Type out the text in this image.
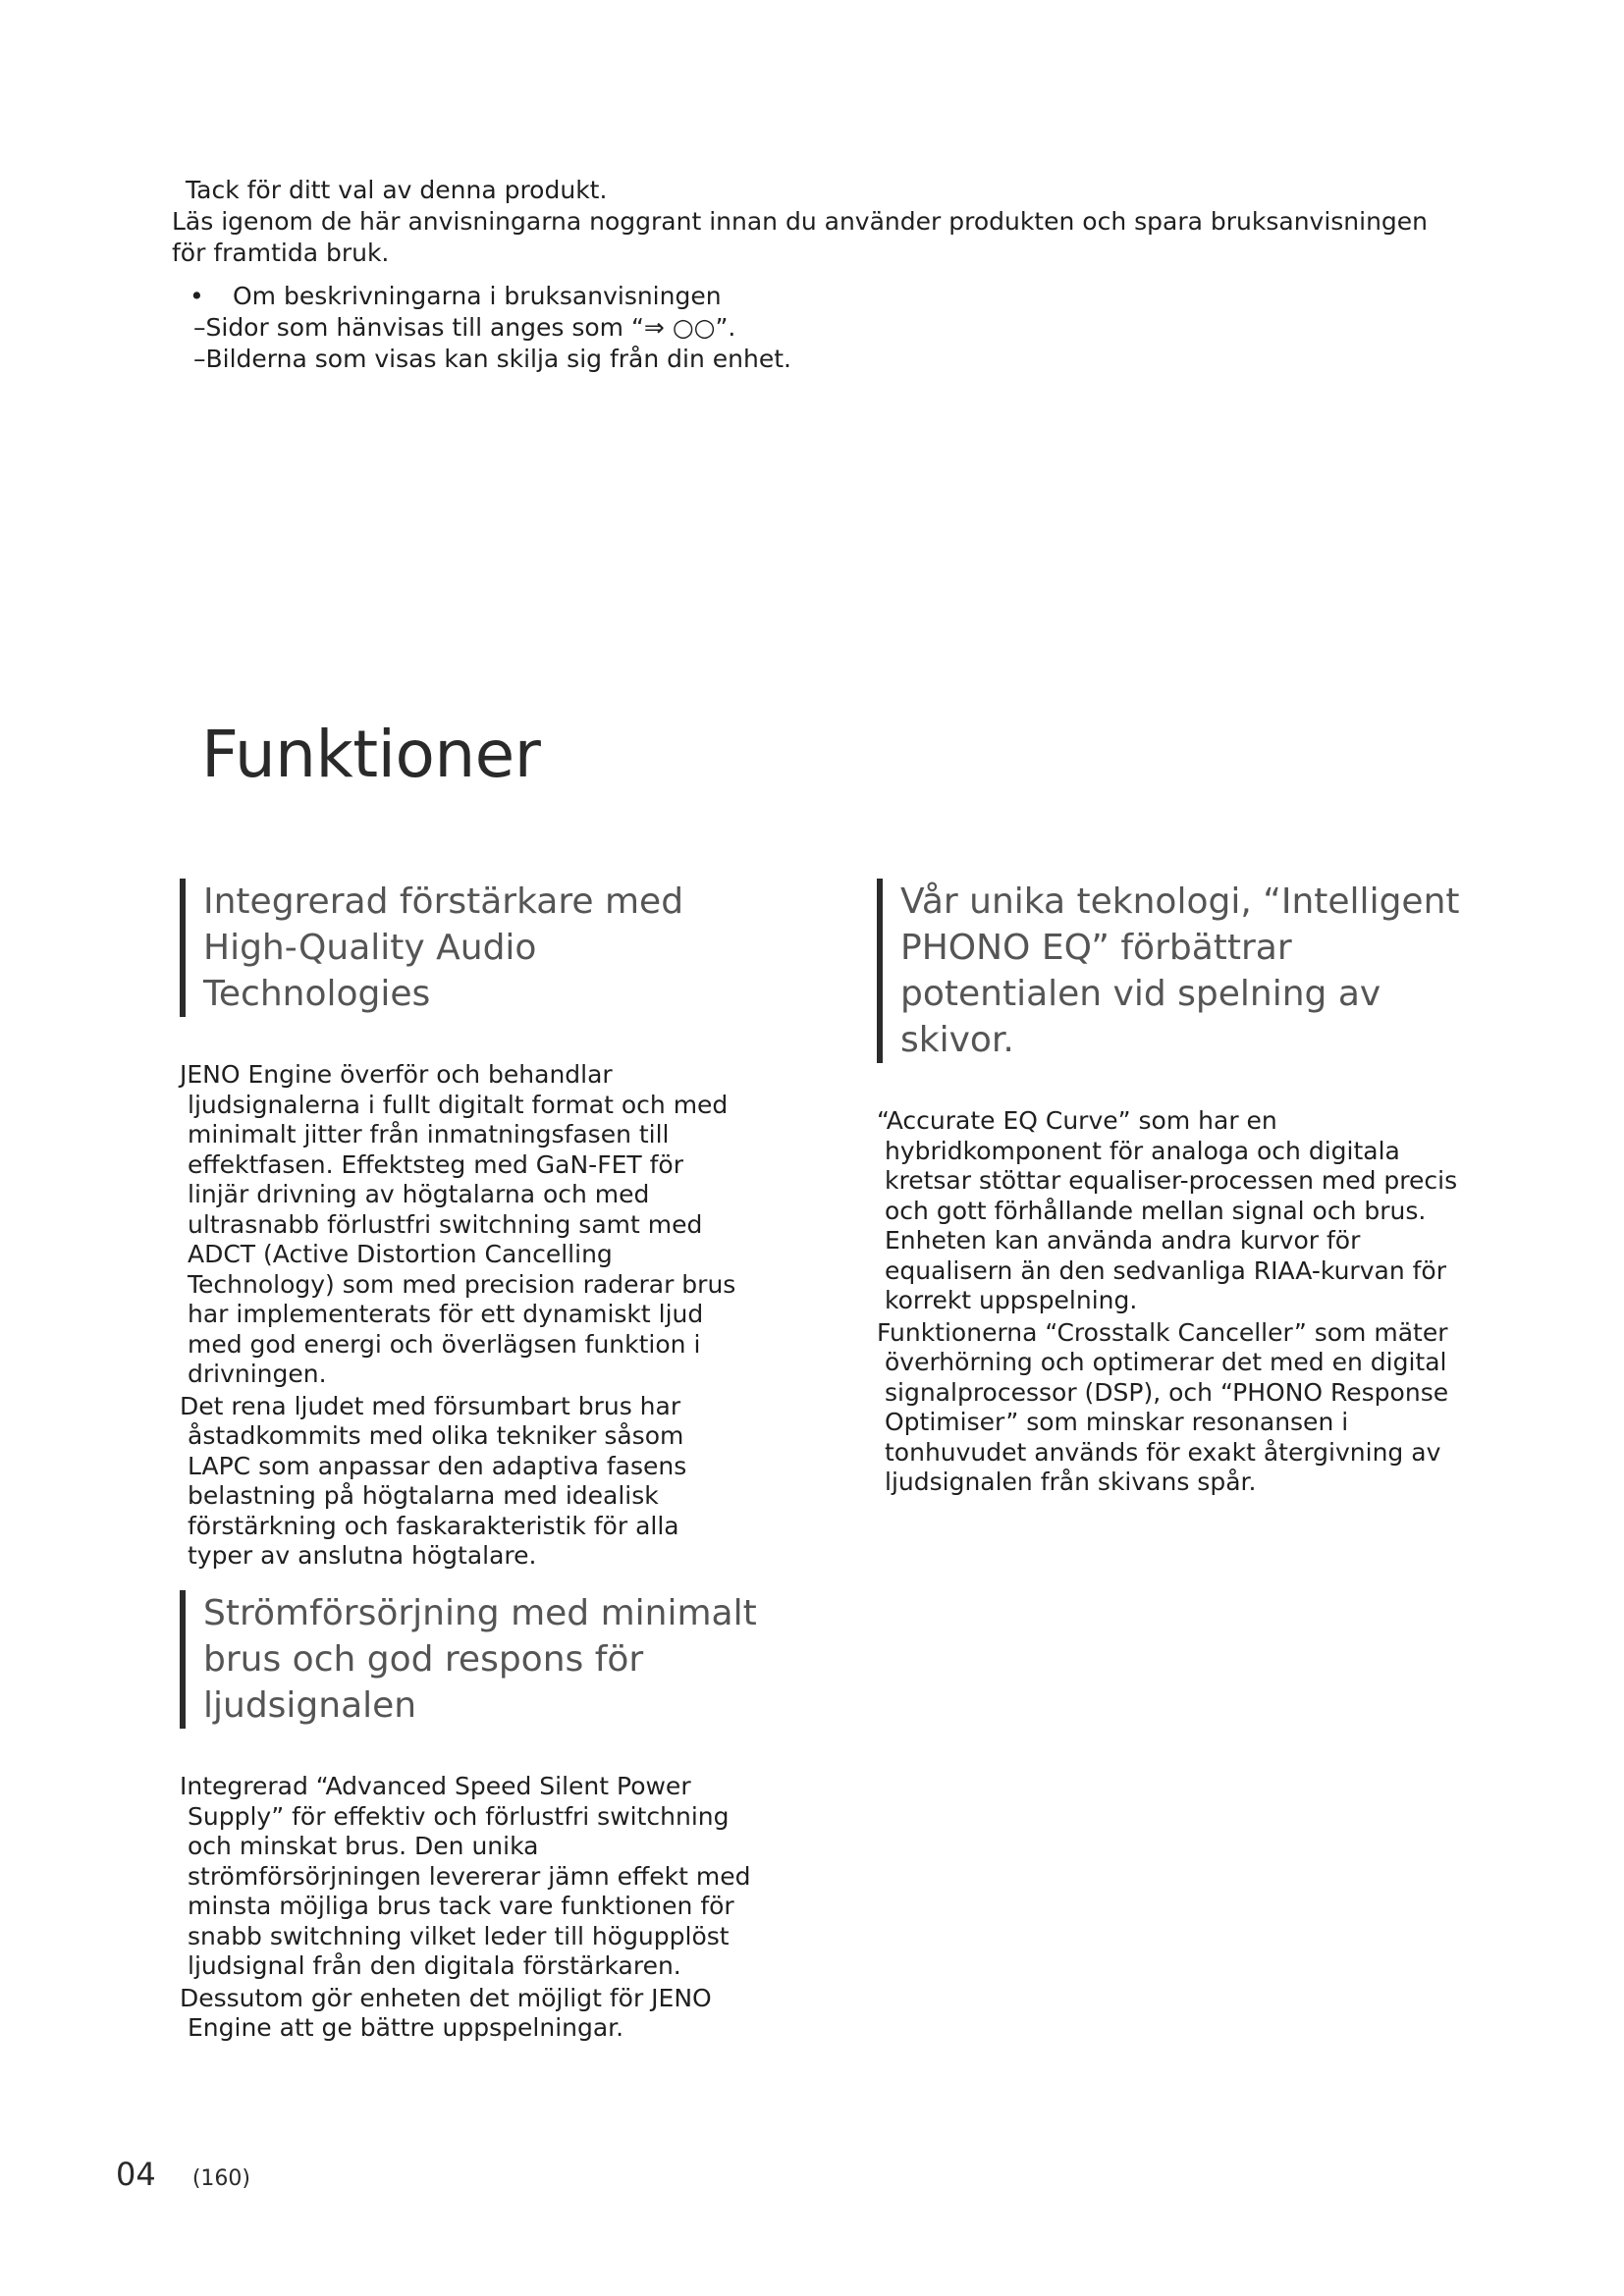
Tack för ditt val av denna produkt.

Läs igenom de här anvisningarna noggrant innan du använder produkten och spara bruksanvisningen för framtida bruk.

• Om beskrivningarna i bruksanvisningen

–Sidor som hänvisas till anges som “⇒ ○○”.

–Bilderna som visas kan skilja sig från din enhet.

Funktioner
Integrerad förstärkare med High-Quality Audio Technologies

JENO Engine överför och behandlar ljudsignalerna i fullt digitalt format och med minimalt jitter från inmatningsfasen till effektfasen. Effektsteg med GaN-FET för linjär drivning av högtalarna och med ultrasnabb förlustfri switchning samt med ADCT (Active Distortion Cancelling Technology) som med precision raderar brus har implementerats för ett dynamiskt ljud med god energi och överlägsen funktion i drivningen.

Det rena ljudet med försumbart brus har åstadkommits med olika tekniker såsom LAPC som anpassar den adaptiva fasens belastning på högtalarna med idealisk förstärkning och faskarakteristik för alla typer av anslutna högtalare.

Vår unika teknologi, “Intelligent PHONO EQ” förbättrar potentialen vid spelning av skivor.

“Accurate EQ Curve” som har en hybridkomponent för analoga och digitala kretsar stöttar equaliser-processen med precis och gott förhållande mellan signal och brus. Enheten kan använda andra kurvor för equalisern än den sedvanliga RIAA-kurvan för korrekt uppspelning.

Funktionerna “Crosstalk Canceller” som mäter överhörning och optimerar det med en digital signalprocessor (DSP), och “PHONO Response Optimiser” som minskar resonansen i tonhuvudet används för exakt återgivning av ljudsignalen från skivans spår.

Strömförsörjning med minimalt brus och god respons för ljudsignalen

Integrerad “Advanced Speed Silent Power Supply” för effektiv och förlustfri switchning och minskat brus. Den unika strömförsörjningen levererar jämn effekt med minsta möjliga brus tack vare funktionen för snabb switchning vilket leder till högupplöst ljudsignal från den digitala förstärkaren.

Dessutom gör enheten det möjligt för JENO Engine att ge bättre uppspelningar.

04 (160)
